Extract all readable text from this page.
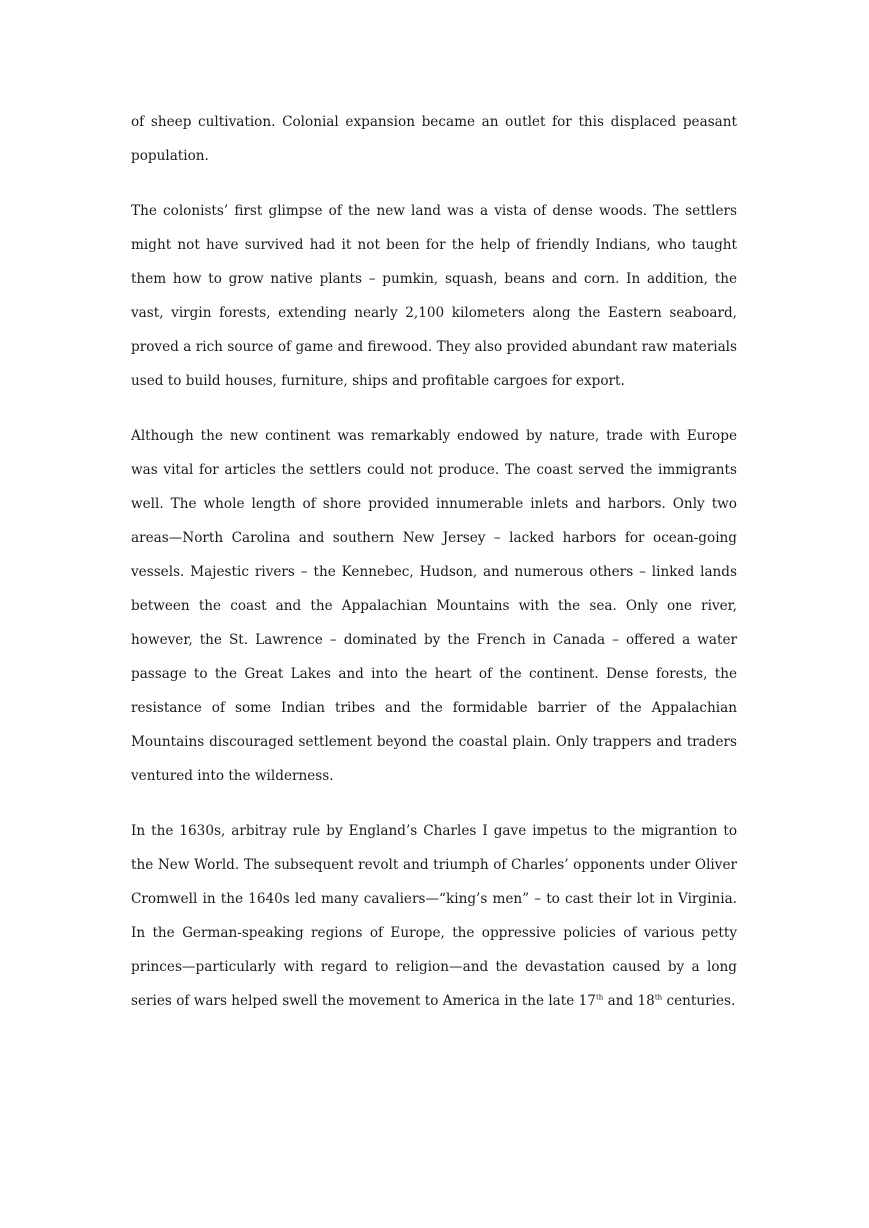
of sheep cultivation. Colonial expansion became an outlet for this displaced peasant population.

The colonists’ first glimpse of the new land was a vista of dense woods. The settlers might not have survived had it not been for the help of friendly Indians, who taught them how to grow native plants – pumkin, squash, beans and corn. In addition, the vast, virgin forests, extending nearly 2,100 kilometers along the Eastern seaboard, proved a rich source of game and firewood. They also provided abundant raw materials used to build houses, furniture, ships and profitable cargoes for export.

Although the new continent was remarkably endowed by nature, trade with Europe was vital for articles the settlers could not produce. The coast served the immigrants well. The whole length of shore provided innumerable inlets and harbors. Only two areas—North Carolina and southern New Jersey – lacked harbors for ocean-going vessels. Majestic rivers – the Kennebec, Hudson, and numerous others – linked lands between the coast and the Appalachian Mountains with the sea. Only one river, however, the St. Lawrence – dominated by the French in Canada – offered a water passage to the Great Lakes and into the heart of the continent. Dense forests, the resistance of some Indian tribes and the formidable barrier of the Appalachian Mountains discouraged settlement beyond the coastal plain. Only trappers and traders ventured into the wilderness.

In the 1630s, arbitray rule by England’s Charles I gave impetus to the migrantion to the New World. The subsequent revolt and triumph of Charles’ opponents under Oliver Cromwell in the 1640s led many cavaliers—“king’s men” – to cast their lot in Virginia. In the German-speaking regions of Europe, the oppressive policies of various petty princes—particularly with regard to religion—and the devastation caused by a long series of wars helped swell the movement to America in the late 17th and 18th centuries.
